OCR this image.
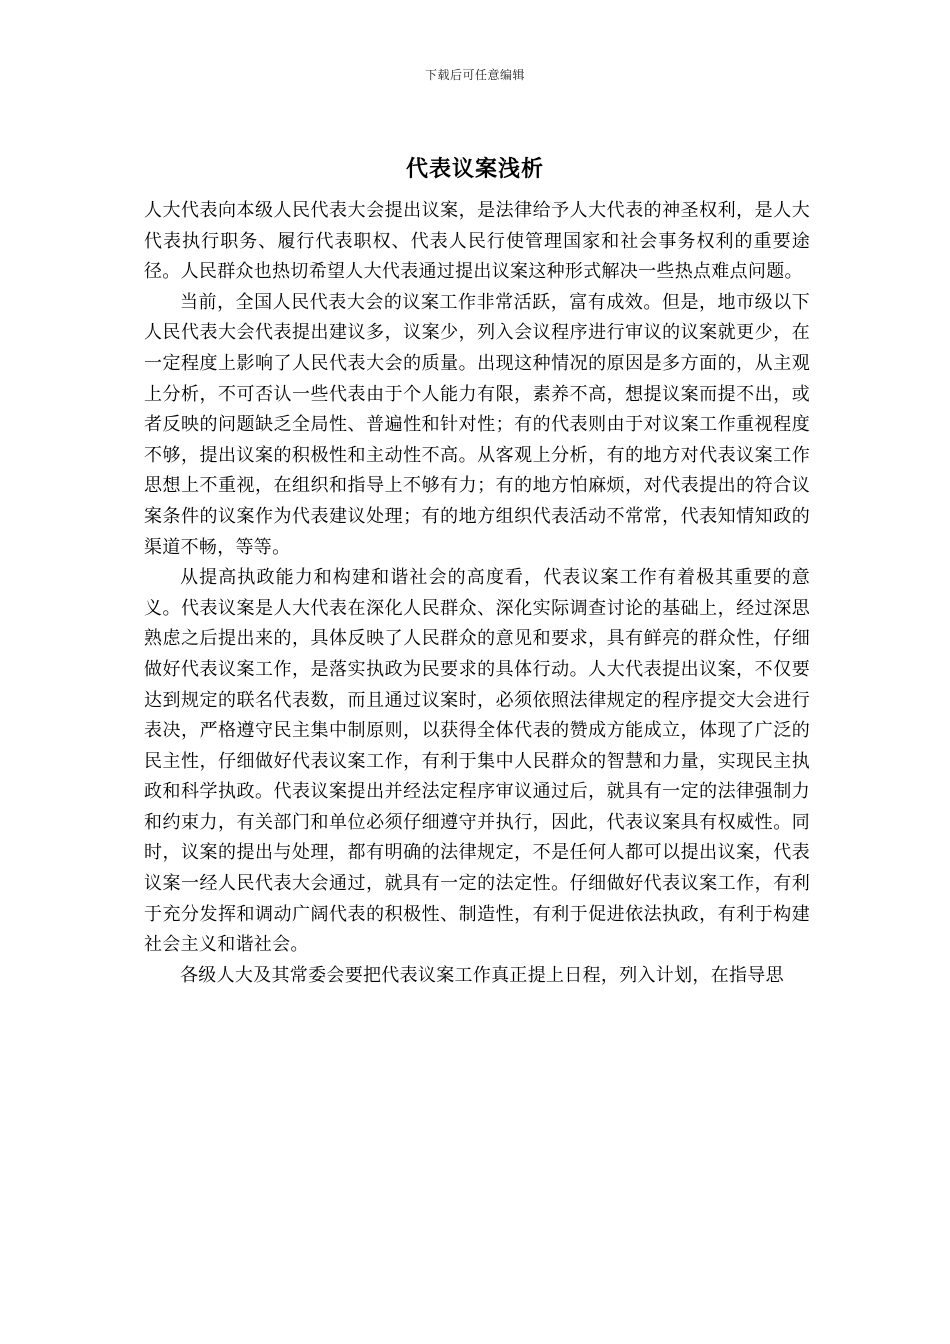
下载后可任意编辑
代表议案浅析

人大代表向本级人民代表大会提出议案，是法律给予人大代表的神圣权利，是人大代表执行职务、履行代表职权、代表人民行使管理国家和社会事务权利的重要途径。人民群众也热切希望人大代表通过提出议案这种形式解决一些热点难点问题。

当前，全国人民代表大会的议案工作非常活跃，富有成效。但是，地市级以下人民代表大会代表提出建议多，议案少，列入会议程序进行审议的议案就更少，在一定程度上影响了人民代表大会的质量。出现这种情况的原因是多方面的，从主观上分析，不可否认一些代表由于个人能力有限，素养不高，想提议案而提不出，或者反映的问题缺乏全局性、普遍性和针对性；有的代表则由于对议案工作重视程度不够，提出议案的积极性和主动性不高。从客观上分析，有的地方对代表议案工作思想上不重视，在组织和指导上不够有力；有的地方怕麻烦，对代表提出的符合议案条件的议案作为代表建议处理；有的地方组织代表活动不常常，代表知情知政的渠道不畅，等等。

从提高执政能力和构建和谐社会的高度看，代表议案工作有着极其重要的意义。代表议案是人大代表在深化人民群众、深化实际调查讨论的基础上，经过深思熟虑之后提出来的，具体反映了人民群众的意见和要求，具有鲜亮的群众性，仔细做好代表议案工作，是落实执政为民要求的具体行动。人大代表提出议案，不仅要达到规定的联名代表数，而且通过议案时，必须依照法律规定的程序提交大会进行表决，严格遵守民主集中制原则，以获得全体代表的赞成方能成立，体现了广泛的民主性，仔细做好代表议案工作，有利于集中人民群众的智慧和力量，实现民主执政和科学执政。代表议案提出并经法定程序审议通过后，就具有一定的法律强制力和约束力，有关部门和单位必须仔细遵守并执行，因此，代表议案具有权威性。同时，议案的提出与处理，都有明确的法律规定，不是任何人都可以提出议案，代表议案一经人民代表大会通过，就具有一定的法定性。仔细做好代表议案工作，有利于充分发挥和调动广阔代表的积极性、制造性，有利于促进依法执政，有利于构建社会主义和谐社会。

各级人大及其常委会要把代表议案工作真正提上日程，列入计划，在指导思
